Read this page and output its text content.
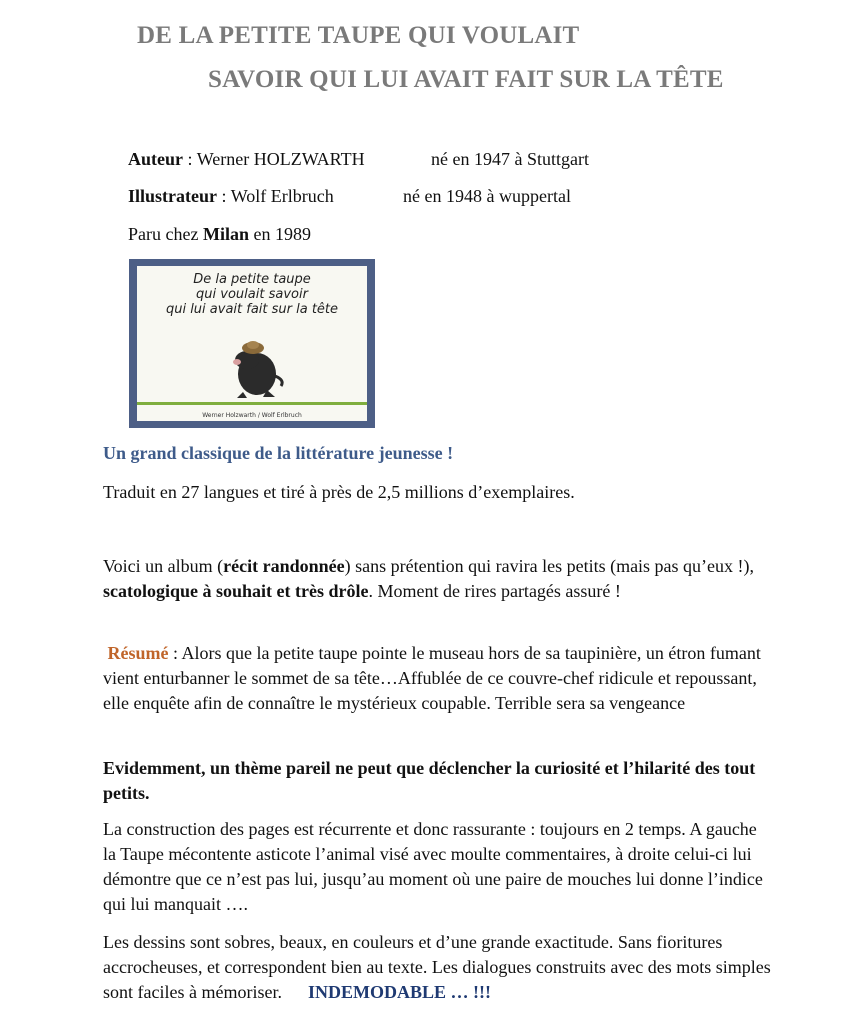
DE LA PETITE TAUPE QUI VOULAIT
SAVOIR QUI LUI AVAIT FAIT SUR LA TÊTE
Auteur : Werner HOLZWARTH	né en 1947 à Stuttgart
Illustrateur : Wolf Erlbruch	né en 1948 à wuppertal
Paru chez Milan en 1989
De la petite taupe
qui voulait savoir
qui lui avait fait sur la tête
Werner Holzwarth / Wolf Erlbruch

Un grand classique de la littérature jeunesse !

Traduit en 27 langues et tiré à près de 2,5 millions d’exemplaires.

Voici un album (récit randonnée) sans prétention qui ravira les petits (mais pas qu’eux !), scatologique à souhait et très drôle. Moment de rires partagés assuré !

Résumé : Alors que la petite taupe pointe le museau hors de sa taupinière, un étron fumant vient enturbanner le sommet de sa tête…Affublée de ce couvre-chef ridicule et repoussant, elle enquête afin de connaître le mystérieux coupable. Terrible sera sa vengeance

Evidemment, un thème pareil ne peut que déclencher la curiosité et l’hilarité des tout petits.

La construction des pages est récurrente et donc rassurante : toujours en 2 temps. A gauche la Taupe mécontente asticote l’animal visé avec moulte commentaires, à droite celui-ci lui démontre que ce n’est pas lui, jusqu’au moment où une paire de mouches lui donne l’indice qui lui manquait ….

Les dessins sont sobres, beaux, en couleurs et d’une grande exactitude. Sans fioritures accrocheuses, et correspondent bien au texte. Les dialogues construits avec des mots simples sont faciles à mémoriser. INDEMODABLE … !!!
